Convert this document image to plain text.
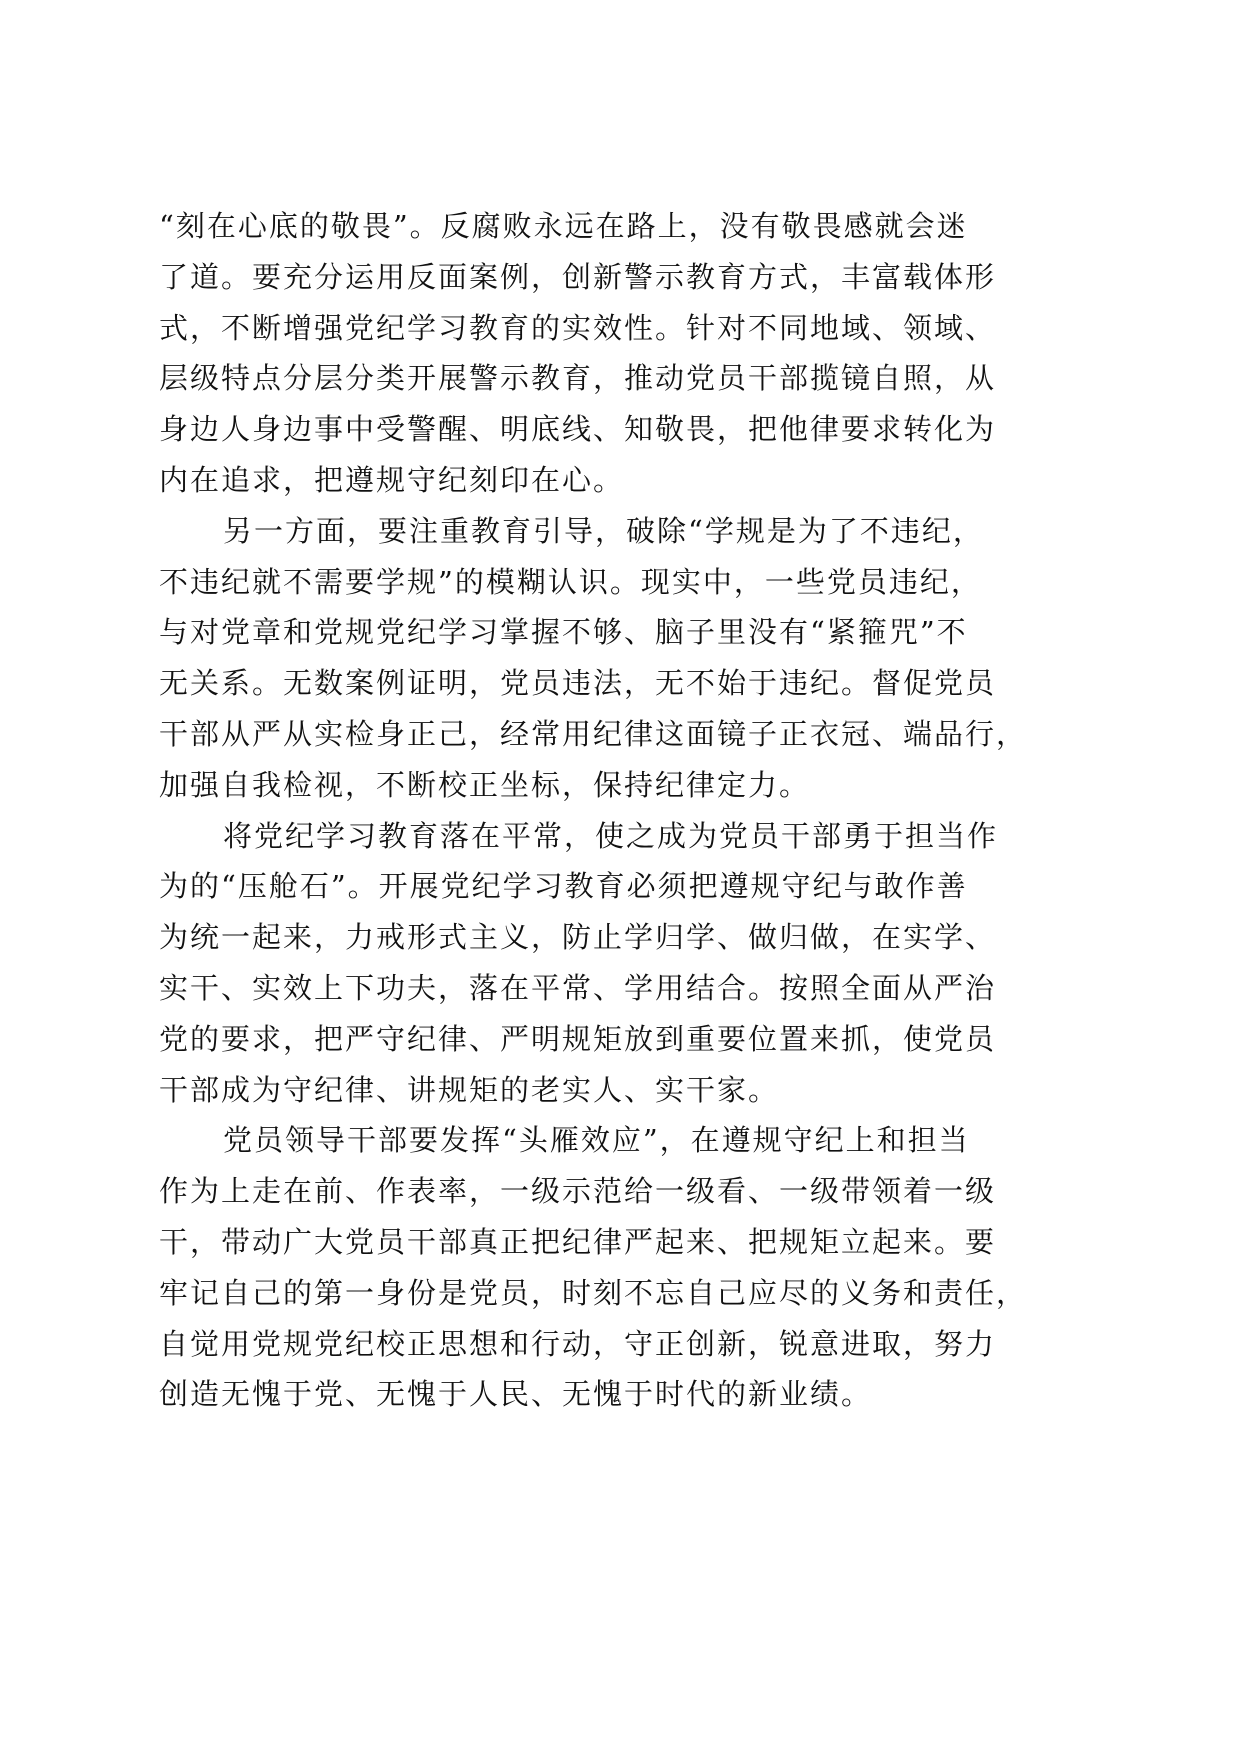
“刻在心底的敬畏”。反腐败永远在路上，没有敬畏感就会迷
了道。要充分运用反面案例，创新警示教育方式，丰富载体形
式，不断增强党纪学习教育的实效性。针对不同地域、领域、
层级特点分层分类开展警示教育，推动党员干部揽镜自照，从
身边人身边事中受警醒、明底线、知敬畏，把他律要求转化为
内在追求，把遵规守纪刻印在心。
另一方面，要注重教育引导，破除“学规是为了不违纪，
不违纪就不需要学规”的模糊认识。现实中，一些党员违纪，
与对党章和党规党纪学习掌握不够、脑子里没有“紧箍咒”不
无关系。无数案例证明，党员违法，无不始于违纪。督促党员
干部从严从实检身正己，经常用纪律这面镜子正衣冠、端品行，
加强自我检视，不断校正坐标，保持纪律定力。
将党纪学习教育落在平常，使之成为党员干部勇于担当作
为的“压舱石”。开展党纪学习教育必须把遵规守纪与敢作善
为统一起来，力戒形式主义，防止学归学、做归做，在实学、
实干、实效上下功夫，落在平常、学用结合。按照全面从严治
党的要求，把严守纪律、严明规矩放到重要位置来抓，使党员
干部成为守纪律、讲规矩的老实人、实干家。
党员领导干部要发挥“头雁效应”，在遵规守纪上和担当
作为上走在前、作表率，一级示范给一级看、一级带领着一级
干，带动广大党员干部真正把纪律严起来、把规矩立起来。要
牢记自己的第一身份是党员，时刻不忘自己应尽的义务和责任，
自觉用党规党纪校正思想和行动，守正创新，锐意进取，努力
创造无愧于党、无愧于人民、无愧于时代的新业绩。
